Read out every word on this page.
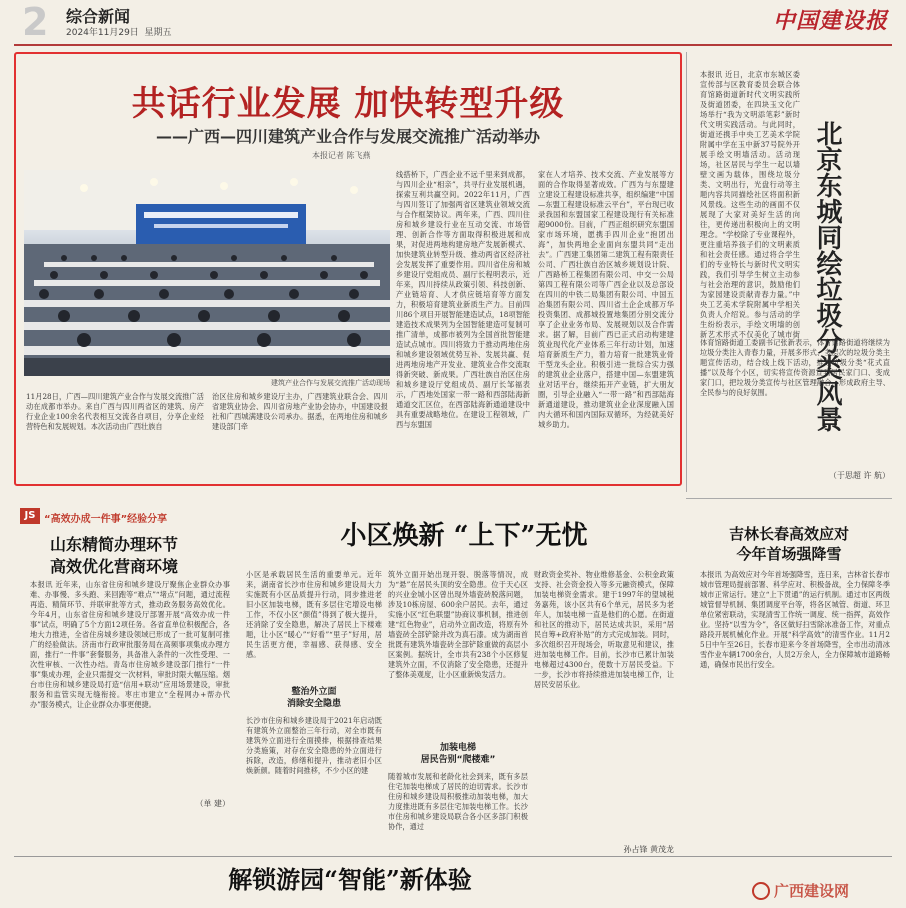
2 综合新闻
2024年11月29日 星期五	中国建设报
共话行业发展 加快转型升级
——广西—四川建筑产业合作与发展交流推广活动举办
本报记者 陈飞燕
建筑产业合作与发展交流推广活动现场
11月28日，广西—四川建筑产业合作与发展交流推广活动在成都市举办。来自广西与四川两省区的建筑、房产行业企业100余名代表相互交流各自项目，分享企业经营特色和发展规划。本次活动由广西壮族自
治区住房和城乡建设厅主办，广西建筑业联合会、四川省建筑业协会、四川省房地产业协会协办，中国建设报社和广西城满建设公司承办。据悉，在两地住房和城乡建设部门牵
线搭桥下，广西企业不远千里来到成都，与四川企业“相亲”，共寻行业发展机遇，探索互利共赢空间。2022年11月，广西与四川签订了加强两省区建筑业领域交流与合作框架协议。两年来，广西、四川住房和城乡建设行业在互动交流、市场管理、创新合作等方面取得积极进展和成果，对促进两地构建房地产发展新模式、加快建筑业转型升级、推动两省区经济社会发展发挥了重要作用。四川省住房和城乡建设厅党组成员、副厅长程明表示，近年来，四川持续从政策引领、科技创新、产业链培育、人才供应链培育等方面发力，积极培育建筑业新质生产力。目前四川86个项目开展智能建造试点，18项智能建造技术成果列为全国智能建造可复制可推广清单，成都市被列为全国首批智能建造试点城市。四川将致力于推动两地住房和城乡建设领域优势互补、发展共赢、促进两地房地产开发业、建筑业合作交流取得新突破、新成果。广西壮族自治区住房和城乡建设厅党组成员、副厅长邹福表示，广西地处国家一带一路和西部陆海新通道交汇区位，在西部陆海新通道建设中具有重要战略地位。在建设工程领域，广西与东盟国
家在人才培养、技术交流、产业发展等方面的合作取得显著成效。广西为与东盟建立建设工程建设标准共享，组织编建“中国—东盟工程建设标准云平台”，平台现已收录我国和东盟国家工程建设现行有关标准超9000份。目前，广西正组织研究东盟国家市场环境，愿携手四川企业“抱团出海”，加快两地企业面向东盟共同“走出去”。广西建工集团第二建筑工程有限责任公司、广西壮族自治区城乡规划设计院、广西路桥工程集团有限公司、中交一公局第四工程有限公司等广西企业以及总部设在四川的中铁二局集团有限公司、中国五冶集团有限公司、四川省土企企成都万华投资集团、成都城投置地集团分别交流分享了企业业务布局、发展规划以及合作需求。据了解，目前广西已正式启动构建建筑业现代化产业体系三年行动计划，加速培育新质生产力，着力培育一批建筑业骨干型龙头企业。积极引进一批综合实力强的建筑业企业落户，搭建中国—东盟建筑业对话平台，继续拓开产业链，扩大朋友圈，引导企业融入“一带一路”和西部陆海新通道建设，推动建筑业企业深度融入国内大循环和国内国际双循环，为经就美好城乡助力。
本报讯 近日，北京市东城区委宣传部与区教育委员会联合体育馆路街道新时代文明实践所及街道团委，在四块玉文化广场举行“我为文明添笔彩”新时代文明实践活动。与此同时，街道还携手中央工艺美术学院附属中学在玉中新37号院外开展手绘文明墙活动。活动现场，社区居民与学生一起以墙壁文画为载体，围绕垃圾分类、文明出行，光盘行动等主题内容共同描绘社区将面积新风景线。这些生动的画面不仅展现了大家对美好生活的向往，更传递出积极向上的文明理念。“学校除了专业课程外，更注重培养孩子们的文明素质和社会责任感。通过将合学生们的专业特长与新时代文明实践，我们引导学生树立主动参与社会治理的意识，鼓励他们为家园建设贡献青春力量。”中央工艺美术学院附属中学相关负责人介绍说。参与活动的学生纷纷表示，手绘文明墙的创新艺术形式不仅美化了城市街 北京东城同绘垃圾分类风景
体育馆路街道工委副书记张新表示，体育馆路街道将继续为垃圾分类注入青春力量，开展多形式、多层次的垃圾分类主题宣传活动，结合线上线下活动，推进垃圾分类“花式直播”以及每个小区，切实将宣传资源宣到居民家门口、变成家门口，把垃圾分类宣传与社区管理融合，形成政府主导、全民参与的良好氛围。
（于思超 许 航）
JS “高效办成一件事”经验分享
山东精简办理环节
高效优化营商环境
本报讯 近年来，山东省住房和城乡建设厅聚焦企业群众办事难、办事慢、多头跑、来回跑等“难点”“堵点”问题，通过流程再造、精简环节、并联审批等方式，推动政务服务高效优化。今年4月，山东省住房和城乡建设厅部署开展“高效办成一件事”试点，明确了5个方面12项任务。各省直单位积极配合，各地大力推进，全省住房城乡建设领域已形成了一批可复制可推广的经验做法。济南市行政审批服务局在高频事项集成办理方面，推行“一件事”套餐服务，具备准入条件的一次性受理、一次性审核、一次性办结。青岛市住房城乡建设部门推行“一件事”集成办理，企业只需提交一次材料，审批时限大幅压缩。烟台市住房和城乡建设局打造“信用+联动”应用场景建设，审批服务和监管实现无缝衔接。枣庄市建立“全程网办+帮办代办”服务模式，让企业群众办事更便捷。
（单 建）
小区焕新 “上下”无忧
小区是承载居民生活的重要单元。近年来，湖南省长沙市住房和城乡建设局大力实施既有小区品质提升行动，同步推进老旧小区加装电梯，既有多层住宅增设电梯工作，不仅小区“颜值”得到了极大提升，还消除了安全隐患，解决了居民上下楼难题，让小区“暖心”“好看”“里子”好用，居民生活更方便，幸福感、获得感、安全感。
整治外立面
消除安全隐患
长沙市住房和城乡建设局于2021年启动既有建筑外立面整治三年行动，对全市既有建筑外立面进行全面摸排，根据排查结果分类施策，对存在安全隐患的外立面进行拆除，改造，修缮和提升，推动老旧小区焕新颜。随着时间推移，不少小区的建
筑外立面开始出现开裂、脱落等情况，成为“悬”在居民头顶的安全隐患。位于天心区的兴业金城小区曾出现外墙瓷砖脱落问题，涉及10栋房屋、600余户居民。去年，通过实施小区“红色联盟”协商议事机制，推进创建“红色物业”，启动外立面改造，将原有外墙瓷砖全部铲除并改为真石漆。成为湖南首批既有建筑外墙瓷砖全部铲除重做的高层小区案例。据统计，全市共有238个小区修复建筑外立面，不仅消除了安全隐患，还提升了整体美观度，让小区重新焕发活力。
加装电梯
居民告别“爬楼难”
随着城市发展和老龄化社会到来，既有多层住宅加装电梯成了居民的迫切需求。长沙市住房和城乡建设局积极推动加装电梯，加大力度推进既有多层住宅加装电梯工作。长沙市住房和城乡建设局联合各小区多部门积极协作，通过
财政资金奖补、物业维修基金、公积金政策支持、社会资金投入等多元融资模式，保障加装电梯资金需求。建于1997年的望城税务嘉苑，该小区共有6个单元，居民多为老年人，加装电梯一直是他们的心愿。在街道和社区的推动下，居民达成共识，采用“居民自筹+政府补贴”的方式完成加装。同时，多次组织召开现场会，听取意见和建议，推进加装电梯工作。目前，长沙市已累计加装电梯超过4300台，使数十万居民受益。下一步，长沙市将持续推进加装电梯工作，让居民安居乐业。
孙占锋 黄茂龙
吉林长春高效应对
今年首场强降雪
本报讯 为高效应对今年首场强降雪，连日来，吉林省长春市城市管理局提前部署、科学应对、积极备战，全力保障冬季城市正常运行。建立“上下贯通”的运行机制。通过市区两级城管督导机制、集团调度平台等，将各区城管、街道、环卫单位紧密联动，实现清雪工作统一调度、统一指挥，高效作业。坚持“以雪为令”，各区做好扫雪除冰准备工作，对重点路段开展机械化作业。开展“科学高效”的清雪作业。11月25日中午至26日，长春市迎来今冬首场降雪，全市出动清冰雪作业车辆1700余台，人员2万余人，全力保障城市道路畅通，确保市民出行安全。
解锁游园“智能”新体验	广西建设网
